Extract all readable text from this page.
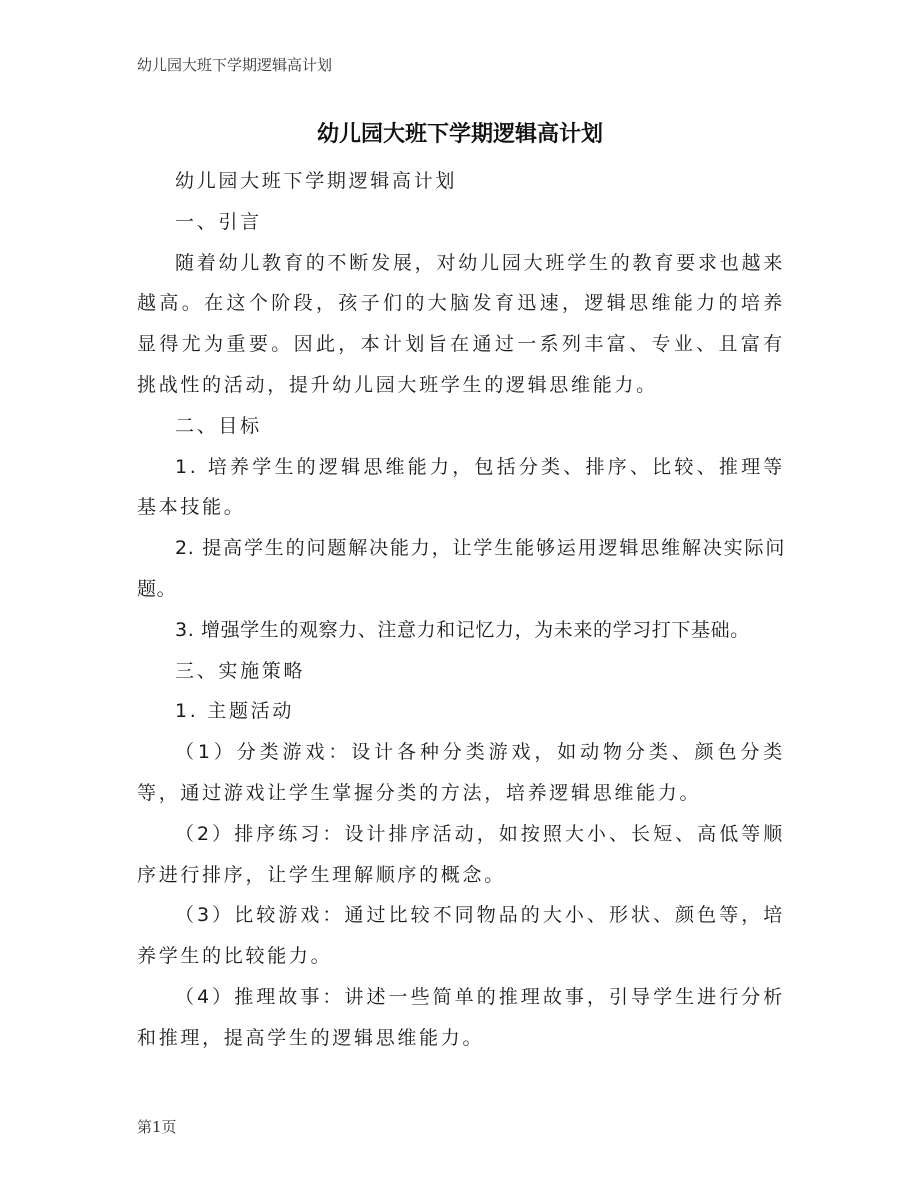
幼儿园大班下学期逻辑高计划
幼儿园大班下学期逻辑高计划

幼儿园大班下学期逻辑高计划

一、引言

随着幼儿教育的不断发展，对幼儿园大班学生的教育要求也越来越高。在这个阶段，孩子们的大脑发育迅速，逻辑思维能力的培养显得尤为重要。因此，本计划旨在通过一系列丰富、专业、且富有挑战性的活动，提升幼儿园大班学生的逻辑思维能力。

二、目标

1. 培养学生的逻辑思维能力，包括分类、排序、比较、推理等基本技能。

2. 提高学生的问题解决能力，让学生能够运用逻辑思维解决实际问题。

3. 增强学生的观察力、注意力和记忆力，为未来的学习打下基础。

三、实施策略

1. 主题活动

（1）分类游戏：设计各种分类游戏，如动物分类、颜色分类等，通过游戏让学生掌握分类的方法，培养逻辑思维能力。

（2）排序练习：设计排序活动，如按照大小、长短、高低等顺序进行排序，让学生理解顺序的概念。

（3）比较游戏：通过比较不同物品的大小、形状、颜色等，培养学生的比较能力。

（4）推理故事：讲述一些简单的推理故事，引导学生进行分析和推理，提高学生的逻辑思维能力。

第1页
